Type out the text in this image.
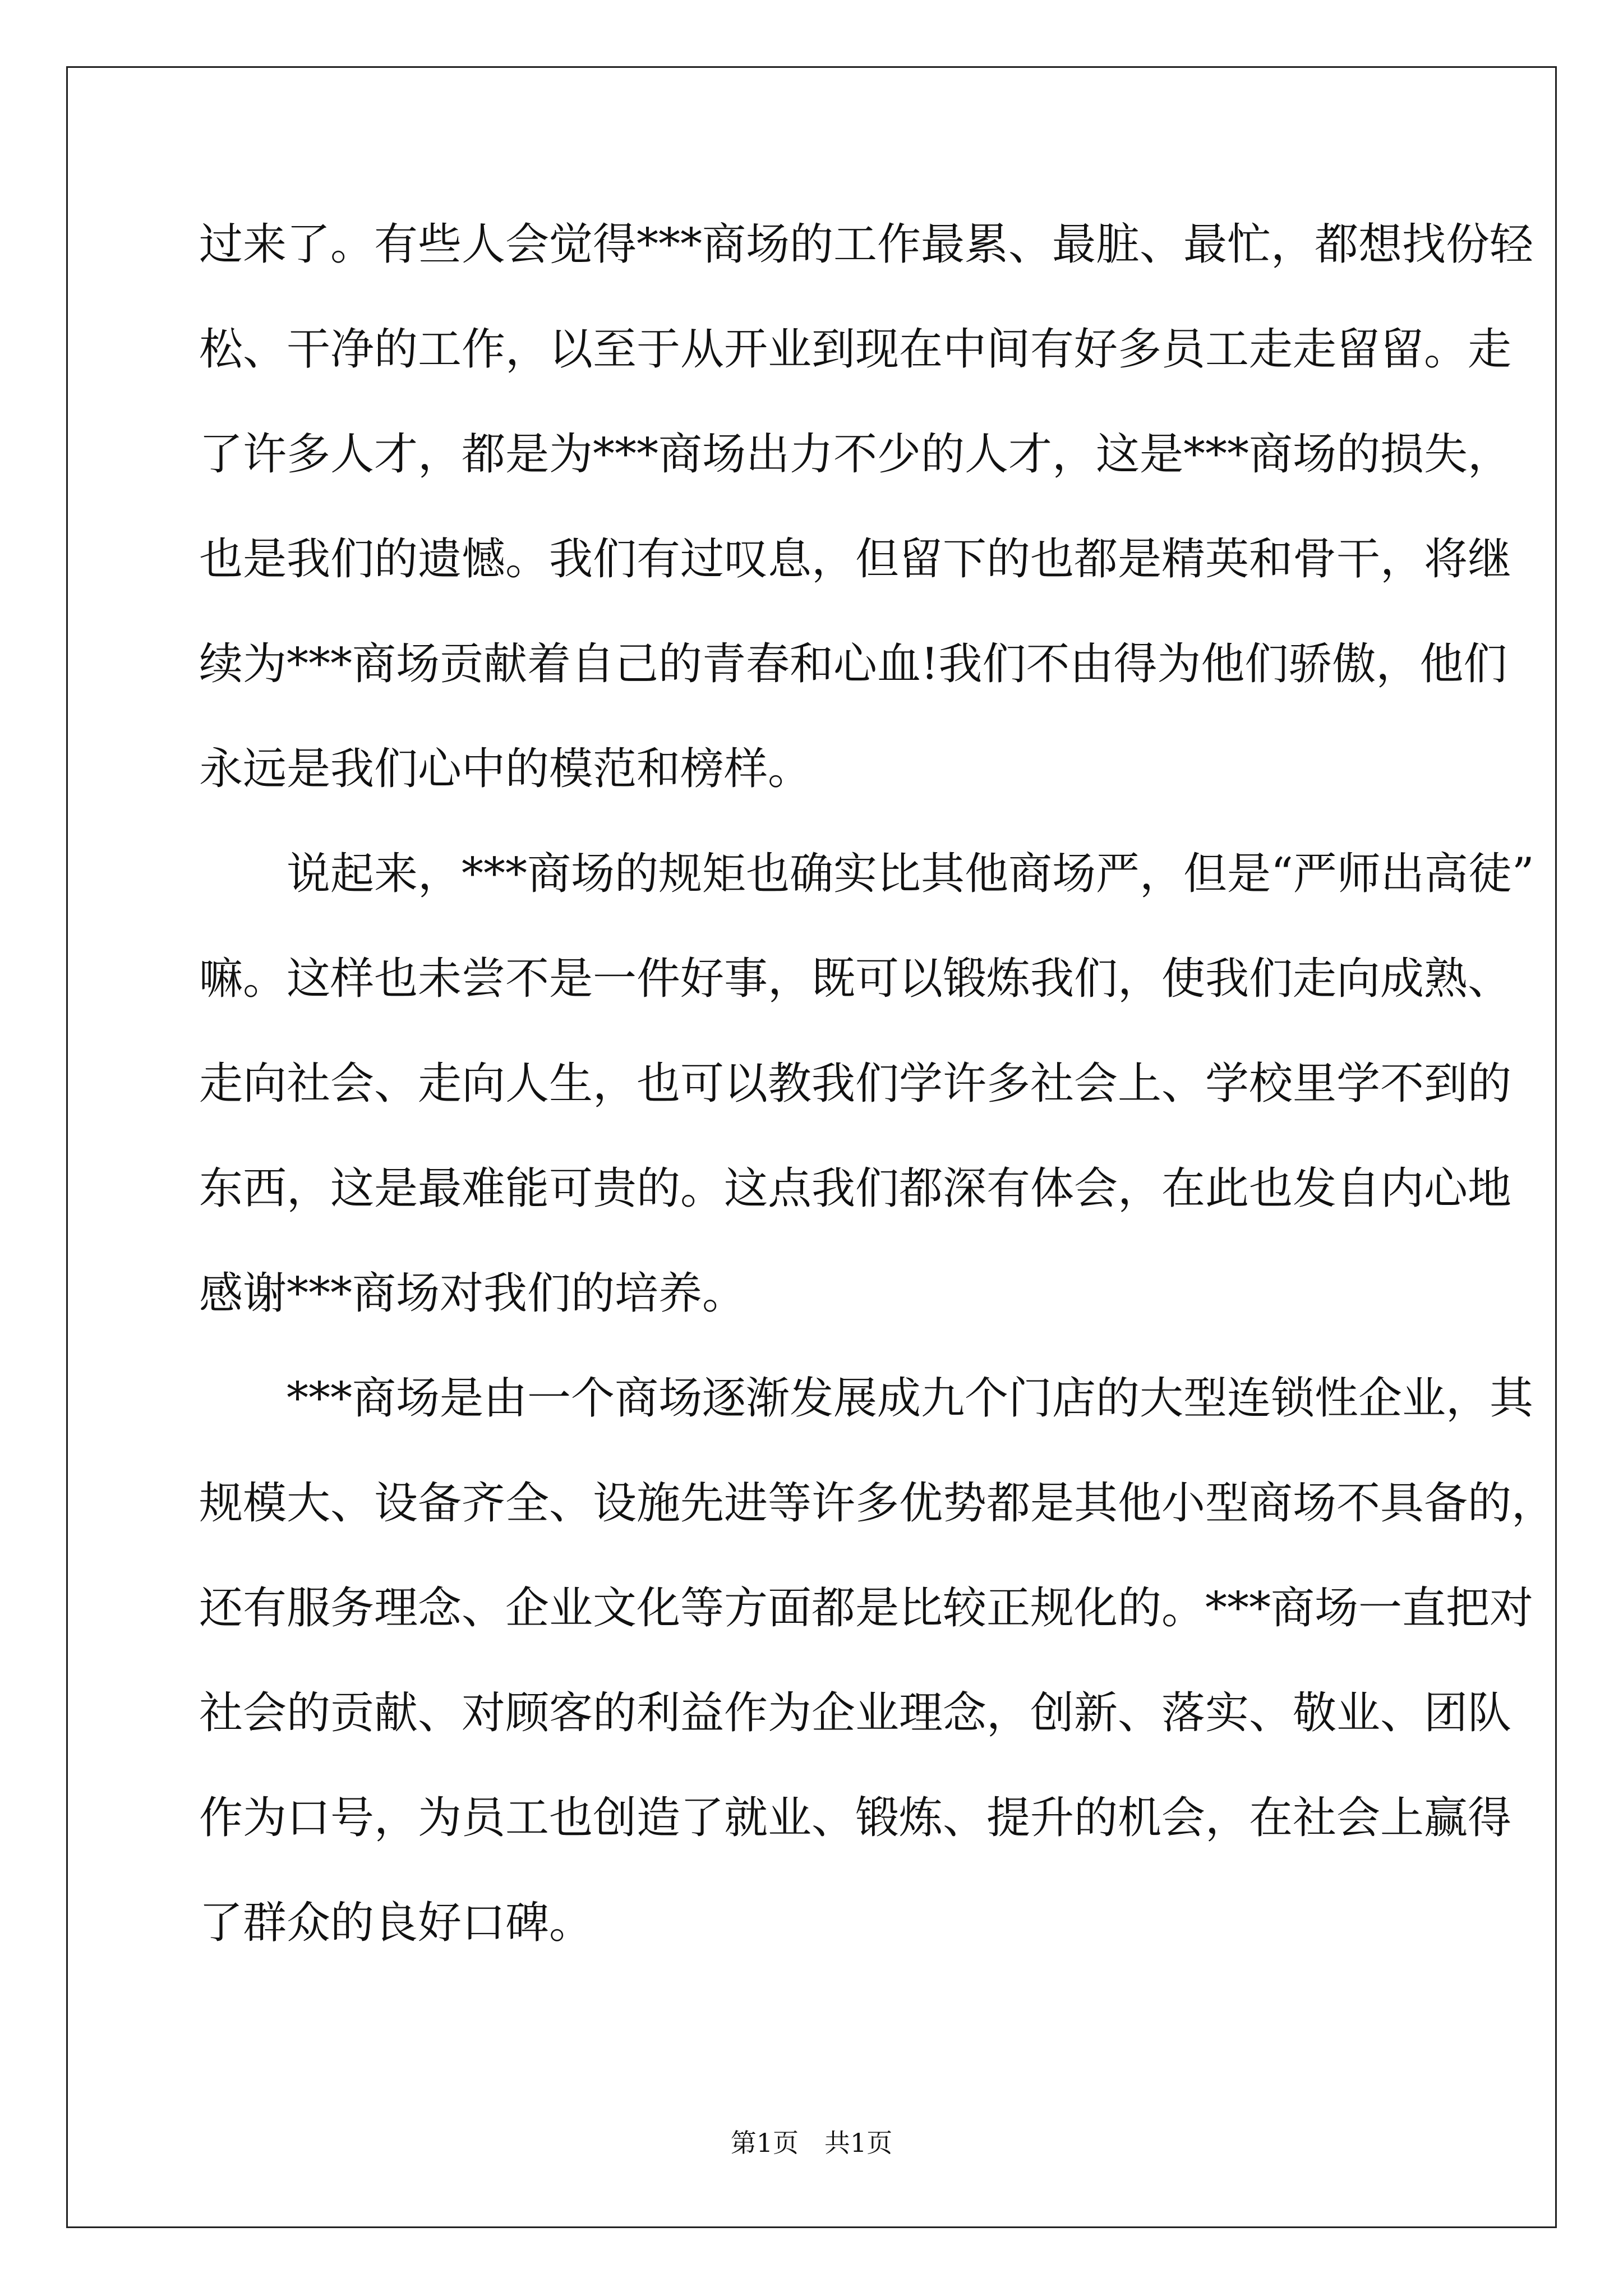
过来了。有些人会觉得***商场的工作最累、最脏、最忙，都想找份轻
松、干净的工作，以至于从开业到现在中间有好多员工走走留留。走
了许多人才，都是为***商场出力不少的人才，这是***商场的损失，
也是我们的遗憾。我们有过叹息，但留下的也都是精英和骨干，将继
续为***商场贡献着自己的青春和心血!我们不由得为他们骄傲，他们
永远是我们心中的模范和榜样。
　　说起来，***商场的规矩也确实比其他商场严，但是“严师出高徒”
嘛。这样也未尝不是一件好事，既可以锻炼我们，使我们走向成熟、
走向社会、走向人生，也可以教我们学许多社会上、学校里学不到的
东西，这是最难能可贵的。这点我们都深有体会，在此也发自内心地
感谢***商场对我们的培养。
　　***商场是由一个商场逐渐发展成九个门店的大型连锁性企业，其
规模大、设备齐全、设施先进等许多优势都是其他小型商场不具备的，
还有服务理念、企业文化等方面都是比较正规化的。***商场一直把对
社会的贡献、对顾客的利益作为企业理念，创新、落实、敬业、团队
作为口号，为员工也创造了就业、锻炼、提升的机会，在社会上赢得
了群众的良好口碑。
第1页　共1页
